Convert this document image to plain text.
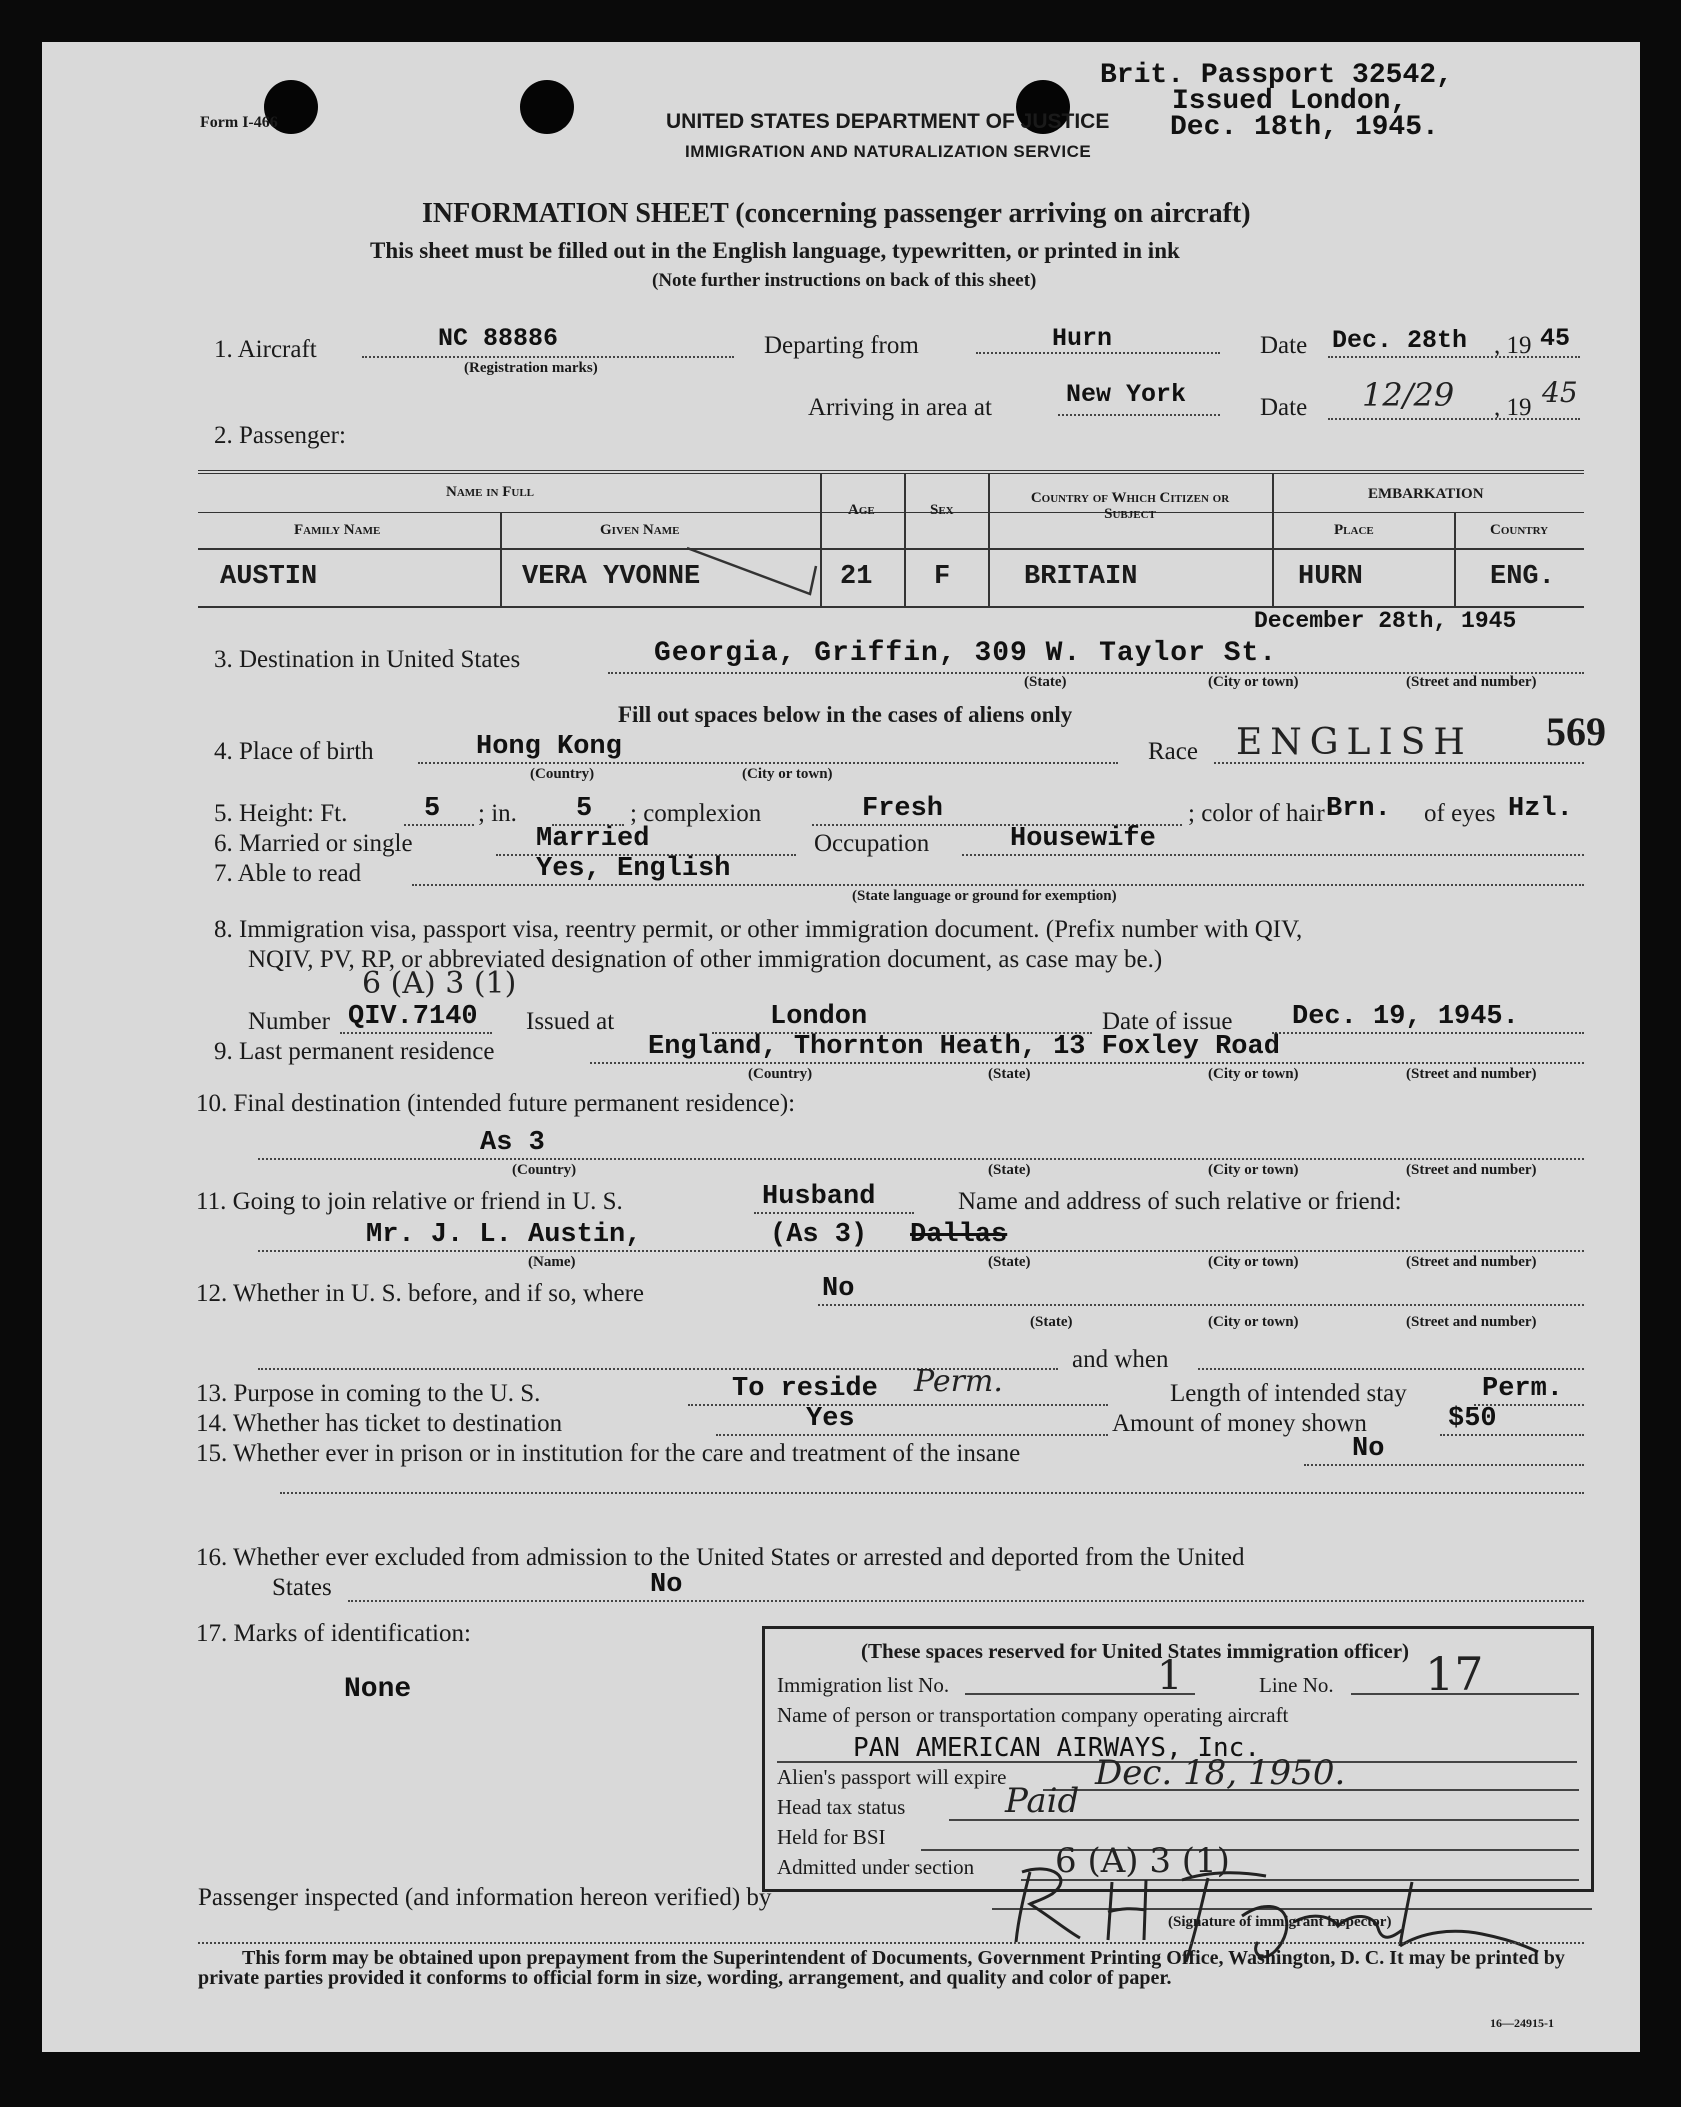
Form I-466	UNITED STATES DEPARTMENT OF JUSTICE
IMMIGRATION AND NATURALIZATION SERVICE
Brit. Passport 32542,
Issued London,
Dec. 18th, 1945.
INFORMATION SHEET (concerning passenger arriving on aircraft)
This sheet must be filled out in the English language, typewritten, or printed in ink
(Note further instructions on back of this sheet)
1. Aircraft	NC 88886
(Registration marks)
Departing from	Hurn	Date Dec. 28th , 19 45
Arriving in area at	New York	Date 12/29 , 19 45
2. Passenger:
Name in Full
Family Name	Given Name
Age	Sex
Country of Which Citizen or Subject
EMBARKATION
Place	Country
AUSTIN	VERA YVONNE	21 F	BRITAIN	HURN	ENG.
December 28th, 1945
3. Destination in United States	Georgia, Griffin, 309 W. Taylor St.
(State)	(City or town)	(Street and number)
Fill out spaces below in the cases of aliens only
4. Place of birth	Hong Kong
(Country)	(City or town)
Race ENGLISH 569
5. Height: Ft.	5 ; in. 5 ; complexion	Fresh	; color of hair Brn. of eyes Hzl.
6. Married or single	Married	Occupation	Housewife
7. Able to read	Yes, English
(State language or ground for exemption)
8. Immigration visa, passport visa, reentry permit, or other immigration document. (Prefix number with QIV,
NQIV, PV, RP, or abbreviated designation of other immigration document, as case may be.)
6 (A) 3 (1)
Number QIV.7140 Issued at	London	Date of issue Dec. 19, 1945.
9. Last permanent residence	England, Thornton Heath, 13 Foxley Road
(Country)	(State)	(City or town)	(Street and number)
10. Final destination (intended future permanent residence):
As 3
(Country)	(State)	(City or town)	(Street and number)
11. Going to join relative or friend in U. S.	Husband	Name and address of such relative or friend:
Mr. J. L. Austin,	(As 3) Dallas
(Name)	(State)	(City or town)	(Street and number)
12. Whether in U. S. before, and if so, where	No
(State)	(City or town)	(Street and number)
and when
13. Purpose in coming to the U. S.	To reside Perm.	Length of intended stay	Perm.
14. Whether has ticket to destination	Yes	Amount of money shown	$50
15. Whether ever in prison or in institution for the care and treatment of the insane	No
16. Whether ever excluded from admission to the United States or arrested and deported from the United
States	No
17. Marks of identification:
None
(These spaces reserved for United States immigration officer)
Immigration list No.	1	Line No. 17
Name of person or transportation company operating aircraft
PAN AMERICAN AIRWAYS, Inc.
Alien's passport will expire	Dec. 18, 1950.
Head tax status	Paid
Held for BSI
Admitted under section 6 (A) 3 (1)
Passenger inspected (and information hereon verified) by
(Signature of immigrant inspector)
This form may be obtained upon prepayment from the Superintendent of Documents, Government Printing Office, Washington, D. C. It may be printed by private parties provided it conforms to official form in size, wording, arrangement, and quality and color of paper.
16—24915-1
